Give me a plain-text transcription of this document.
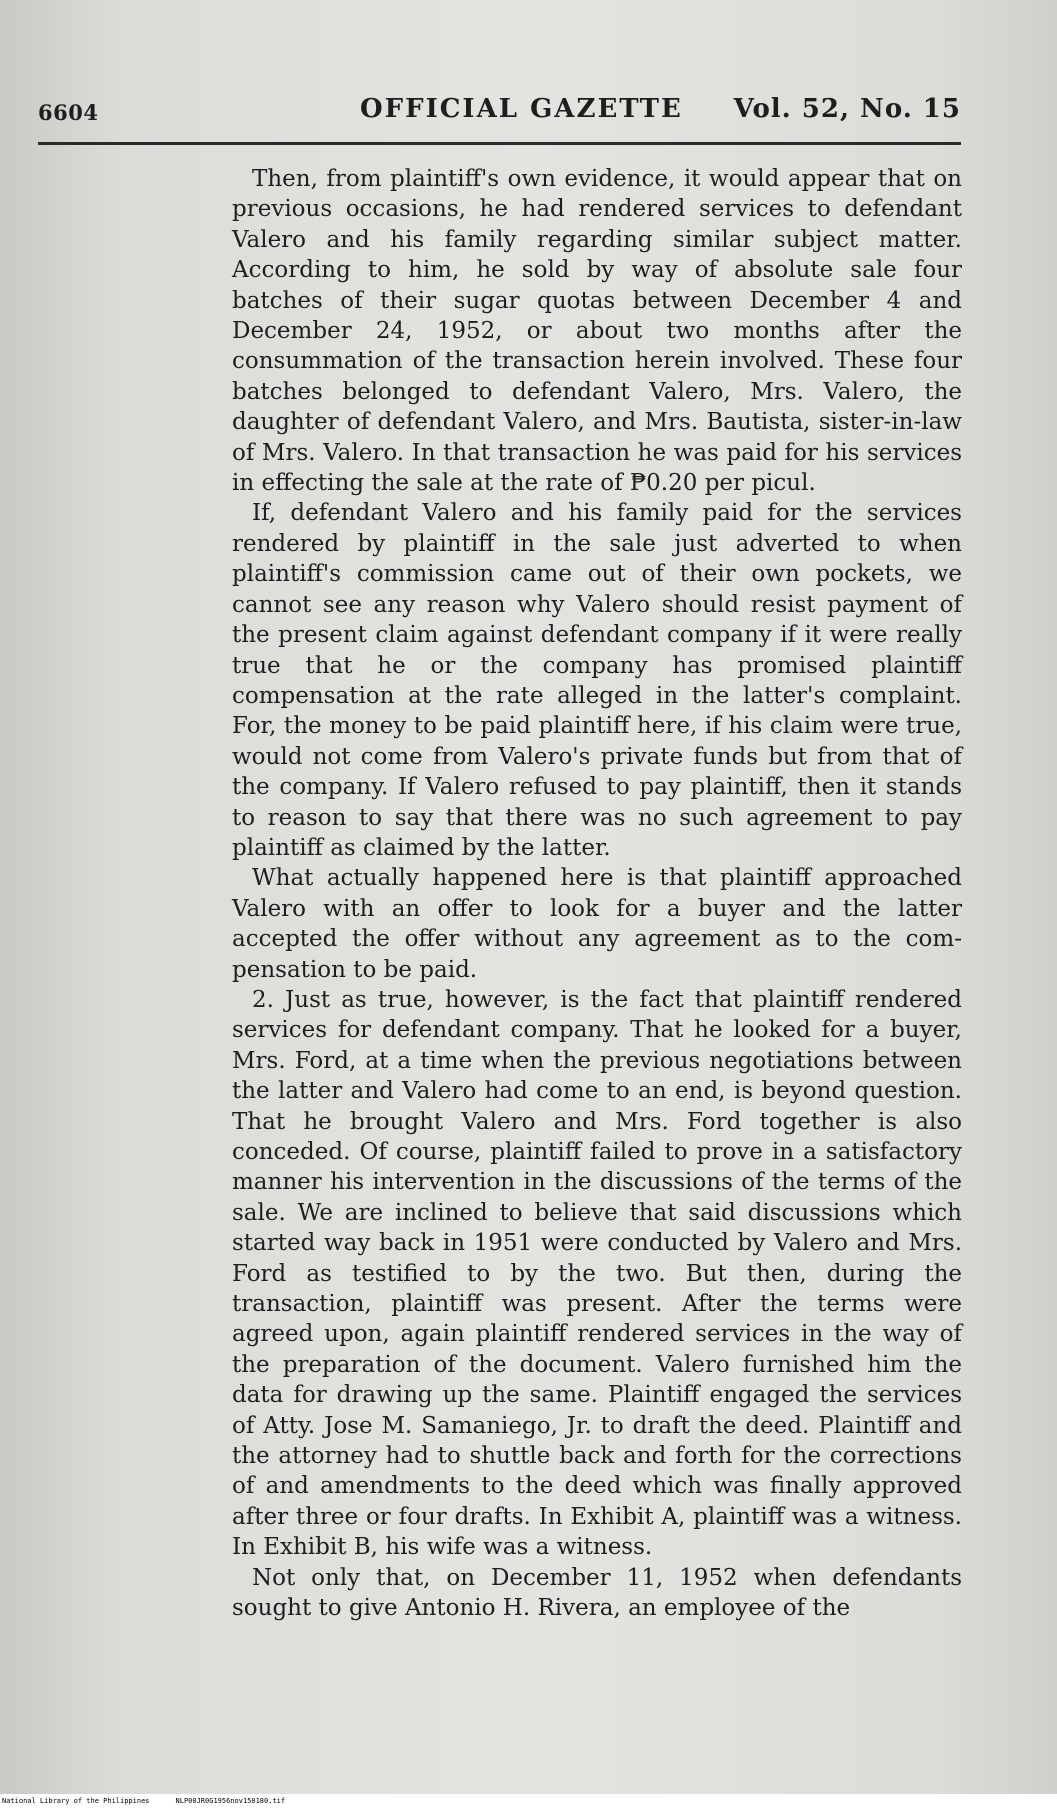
6604	OFFICIAL GAZETTE Vol. 52, No. 15

Then, from plaintiff's own evidence, it would appear that on previous occasions, he had rendered services to defendant Valero and his family regarding similar subject matter. According to him, he sold by way of absolute sale four batches of their sugar quotas between December 4 and December 24, 1952, or about two months after the consummation of the transaction herein involved. These four batches belonged to defendant Valero, Mrs. Valero, the daughter of defendant Valero, and Mrs. Bautista, sister-in-law of Mrs. Valero. In that transaction he was paid for his services in effecting the sale at the rate of ₱0.20 per picul.

If, defendant Valero and his family paid for the services rendered by plaintiff in the sale just adverted to when plaintiff's commission came out of their own pockets, we cannot see any reason why Valero should resist payment of the present claim against defendant company if it were really true that he or the company has promised plaintiff compensation at the rate alleged in the latter's complaint. For, the money to be paid plaintiff here, if his claim were true, would not come from Valero's private funds but from that of the company. If Valero refused to pay plaintiff, then it stands to reason to say that there was no such agreement to pay plaintiff as claimed by the latter.

What actually happened here is that plaintiff approached Valero with an offer to look for a buyer and the latter accepted the offer without any agreement as to the compensation to be paid.

2. Just as true, however, is the fact that plaintiff rendered services for defendant company. That he looked for a buyer, Mrs. Ford, at a time when the previous negotiations between the latter and Valero had come to an end, is beyond question. That he brought Valero and Mrs. Ford together is also conceded. Of course, plaintiff failed to prove in a satisfactory manner his intervention in the discussions of the terms of the sale. We are inclined to believe that said discussions which started way back in 1951 were conducted by Valero and Mrs. Ford as testified to by the two. But then, during the transaction, plaintiff was present. After the terms were agreed upon, again plaintiff rendered services in the way of the preparation of the document. Valero furnished him the data for drawing up the same. Plaintiff engaged the services of Atty. Jose M. Samaniego, Jr. to draft the deed. Plaintiff and the attorney had to shuttle back and forth for the corrections of and amendments to the deed which was finally approved after three or four drafts. In Exhibit A, plaintiff was a witness. In Exhibit B, his wife was a witness.

Not only that, on December 11, 1952 when defendants sought to give Antonio H. Rivera, an employee of the

National Library of the Philippines	NLP00JR0G1956nov150180.tif
